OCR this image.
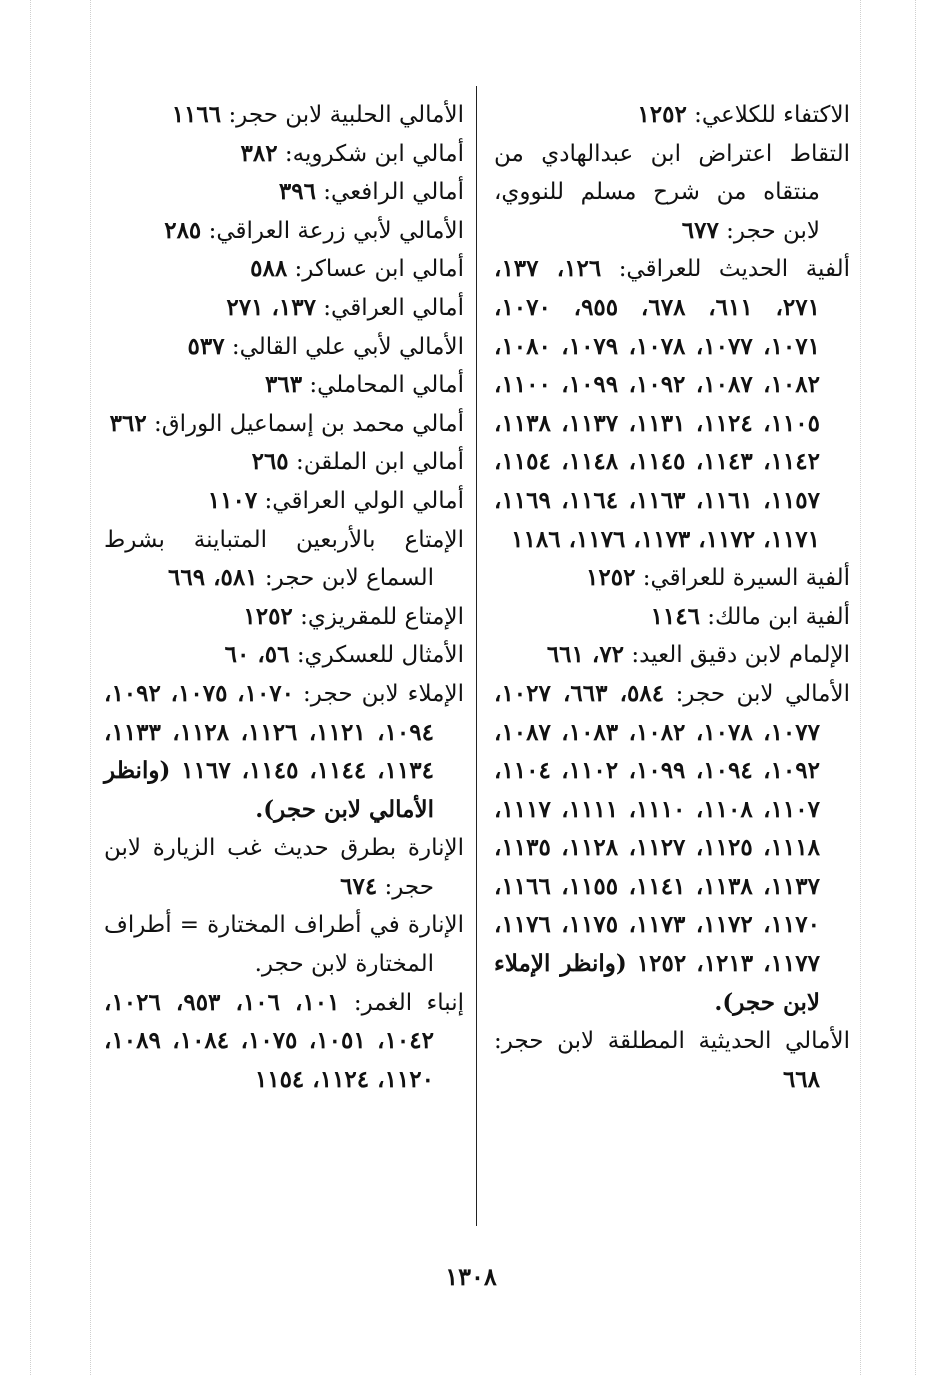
الاكتفاء للكلاعي: ١٢٥٢

التقاط اعتراض ابن عبدالهادي من منتقاه من شرح مسلم للنووي، لابن حجر: ٦٧٧

ألفية الحديث للعراقي: ١٢٦، ١٣٧، ٢٧١، ٦١١، ٦٧٨، ٩٥٥، ١٠٧٠، ١٠٧١، ١٠٧٧، ١٠٧٨، ١٠٧٩، ١٠٨٠، ١٠٨٢، ١٠٨٧، ١٠٩٢، ١٠٩٩، ١١٠٠، ١١٠٥، ١١٢٤، ١١٣١، ١١٣٧، ١١٣٨، ١١٤٢، ١١٤٣، ١١٤٥، ١١٤٨، ١١٥٤، ١١٥٧، ١١٦١، ١١٦٣، ١١٦٤، ١١٦٩، ١١٧١، ١١٧٢، ١١٧٣، ١١٧٦، ١١٨٦

ألفية السيرة للعراقي: ١٢٥٢

ألفية ابن مالك: ١١٤٦

الإلمام لابن دقيق العيد: ٧٢، ٦٦١

الأمالي لابن حجر: ٥٨٤، ٦٦٣، ١٠٢٧، ١٠٧٧، ١٠٧٨، ١٠٨٢، ١٠٨٣، ١٠٨٧، ١٠٩٢، ١٠٩٤، ١٠٩٩، ١١٠٢، ١١٠٤، ١١٠٧، ١١٠٨، ١١١٠، ١١١١، ١١١٧، ١١١٨، ١١٢٥، ١١٢٧، ١١٢٨، ١١٣٥، ١١٣٧، ١١٣٨، ١١٤١، ١١٥٥، ١١٦٦، ١١٧٠، ١١٧٢، ١١٧٣، ١١٧٥، ١١٧٦، ١١٧٧، ١٢١٣، ١٢٥٢ (وانظر الإملاء لابن حجر).

الأمالي الحديثية المطلقة لابن حجر: ٦٦٨

الأمالي الحلبية لابن حجر: ١١٦٦

أمالي ابن شكرويه: ٣٨٢

أمالي الرافعي: ٣٩٦

الأمالي لأبي زرعة العراقي: ٢٨٥

أمالي ابن عساكر: ٥٨٨

أمالي العراقي: ١٣٧، ٢٧١

الأمالي لأبي علي القالي: ٥٣٧

أمالي المحاملي: ٣٦٣

أمالي محمد بن إسماعيل الوراق: ٣٦٢

أمالي ابن الملقن: ٢٦٥

أمالي الولي العراقي: ١١٠٧

الإمتاع بالأربعين المتباينة بشرط السماع لابن حجر: ٥٨١، ٦٦٩

الإمتاع للمقريزي: ١٢٥٢

الأمثال للعسكري: ٥٦، ٦٠

الإملاء لابن حجر: ١٠٧٠، ١٠٧٥، ١٠٩٢، ١٠٩٤، ١١٢١، ١١٢٦، ١١٢٨، ١١٣٣، ١١٣٤، ١١٤٤، ١١٤٥، ١١٦٧ (وانظر الأمالي لابن حجر).

الإنارة بطرق حديث غب الزيارة لابن حجر: ٦٧٤

الإنارة في أطراف المختارة = أطراف المختارة لابن حجر.

إنباء الغمر: ١٠١، ١٠٦، ٩٥٣، ١٠٢٦، ١٠٤٢، ١٠٥١، ١٠٧٥، ١٠٨٤، ١٠٨٩، ١١٢٠، ١١٢٤، ١١٥٤

١٣٠٨
